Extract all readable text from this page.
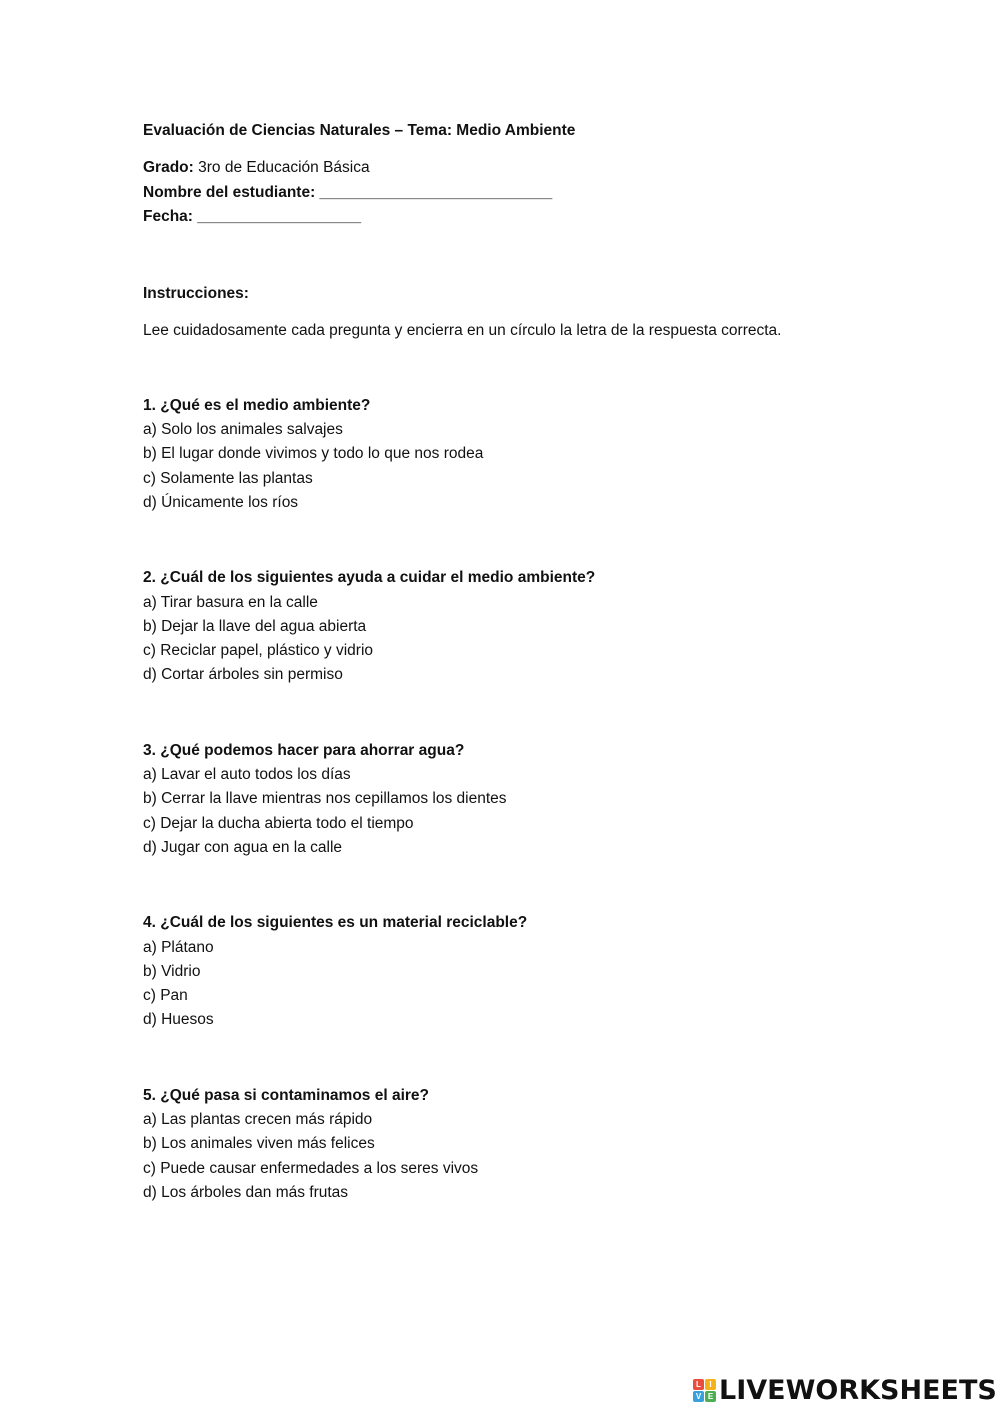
Evaluación de Ciencias Naturales – Tema: Medio Ambiente
Grado: 3ro de Educación Básica
Nombre del estudiante: ___________________________
Fecha: ___________________
Instrucciones:
Lee cuidadosamente cada pregunta y encierra en un círculo la letra de la respuesta correcta.
1. ¿Qué es el medio ambiente?
a) Solo los animales salvajes
b) El lugar donde vivimos y todo lo que nos rodea
c) Solamente las plantas
d) Únicamente los ríos
2. ¿Cuál de los siguientes ayuda a cuidar el medio ambiente?
a) Tirar basura en la calle
b) Dejar la llave del agua abierta
c) Reciclar papel, plástico y vidrio
d) Cortar árboles sin permiso
3. ¿Qué podemos hacer para ahorrar agua?
a) Lavar el auto todos los días
b) Cerrar la llave mientras nos cepillamos los dientes
c) Dejar la ducha abierta todo el tiempo
d) Jugar con agua en la calle
4. ¿Cuál de los siguientes es un material reciclable?
a) Plátano
b) Vidrio
c) Pan
d) Huesos
5. ¿Qué pasa si contaminamos el aire?
a) Las plantas crecen más rápido
b) Los animales viven más felices
c) Puede causar enfermedades a los seres vivos
d) Los árboles dan más frutas
L	I
V E LIVEWORKSHEETS
